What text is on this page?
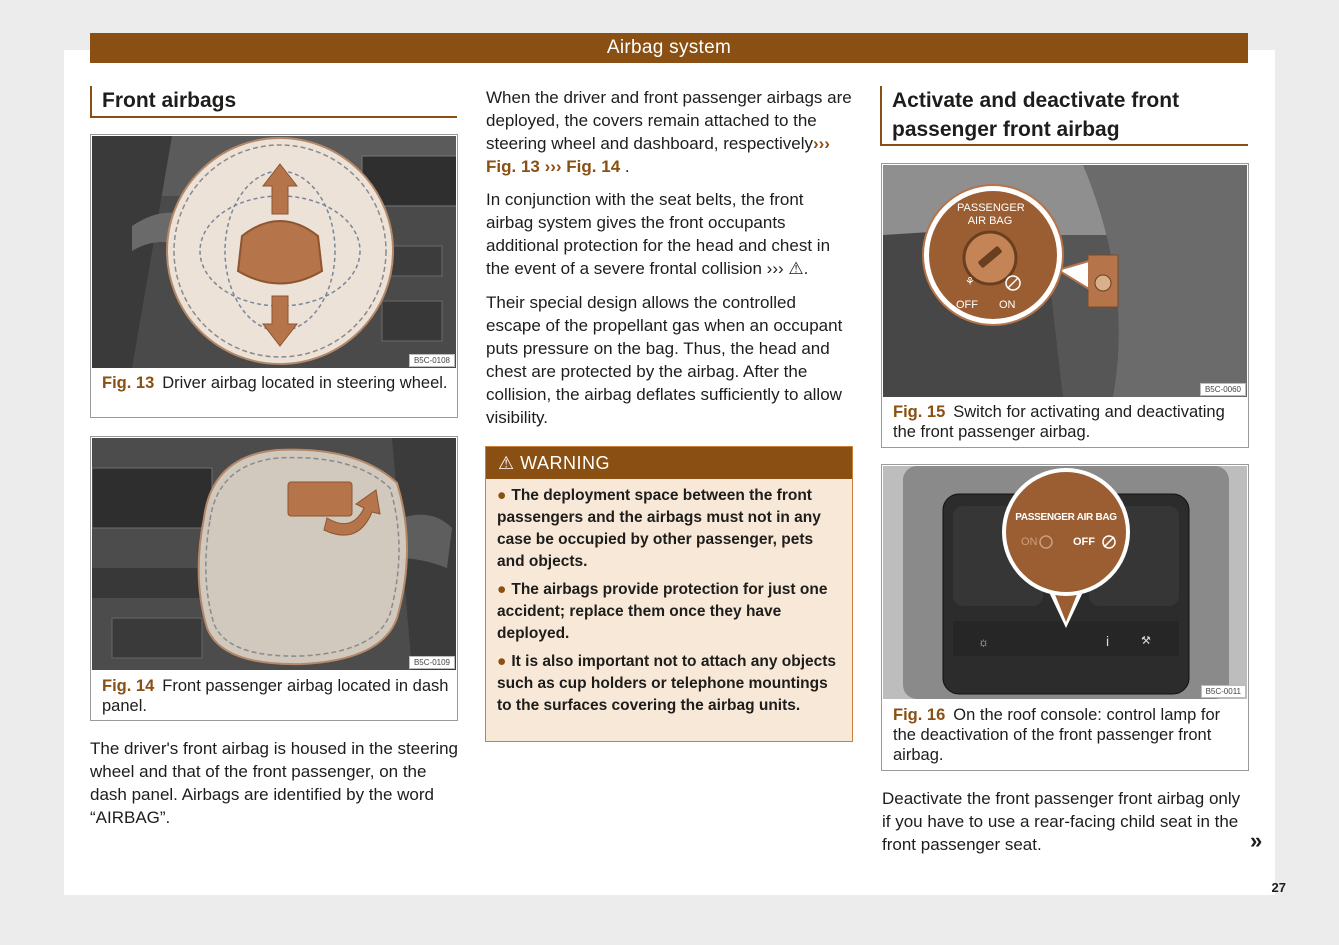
Airbag system
Front airbags
B5C-0108
Fig. 13 Driver airbag located in steering wheel.
B5C-0109
Fig. 14 Front passenger airbag located in dash panel.

The driver's front airbag is housed in the steering wheel and that of the front passenger, on the dash panel. Airbags are identified by the word “AIRBAG”.

When the driver and front passenger airbags are deployed, the covers remain attached to the steering wheel and dashboard, respectively››› Fig. 13 ››› Fig. 14 .

In conjunction with the seat belts, the front airbag system gives the front occupants additional protection for the head and chest in the event of a severe frontal collision ››› ⚠.

Their special design allows the controlled escape of the propellant gas when an occupant puts pressure on the bag. Thus, the head and chest are protected by the airbag. After the collision, the airbag deflates sufficiently to allow visibility.

⚠ WARNING
● The deployment space between the front passengers and the airbags must not in any case be occupied by other passenger, pets and objects.
● The airbags provide protection for just one accident; replace them once they have deployed.
● It is also important not to attach any objects such as cup holders or telephone mountings to the surfaces covering the airbag units.
Activate and deactivate front passenger front airbag
⚘
PASSENGER
AIR BAG
OFF ON
B5C-0060
Fig. 15 Switch for activating and deactivating the front passenger airbag.
☼	i	⚒
PASSENGER AIR BAG
ON	OFF
B5C-0011
Fig. 16 On the roof console: control lamp for the deactivation of the front passenger front airbag.

Deactivate the front passenger front airbag only if you have to use a rear-facing child seat in the front passenger seat.	»
27
